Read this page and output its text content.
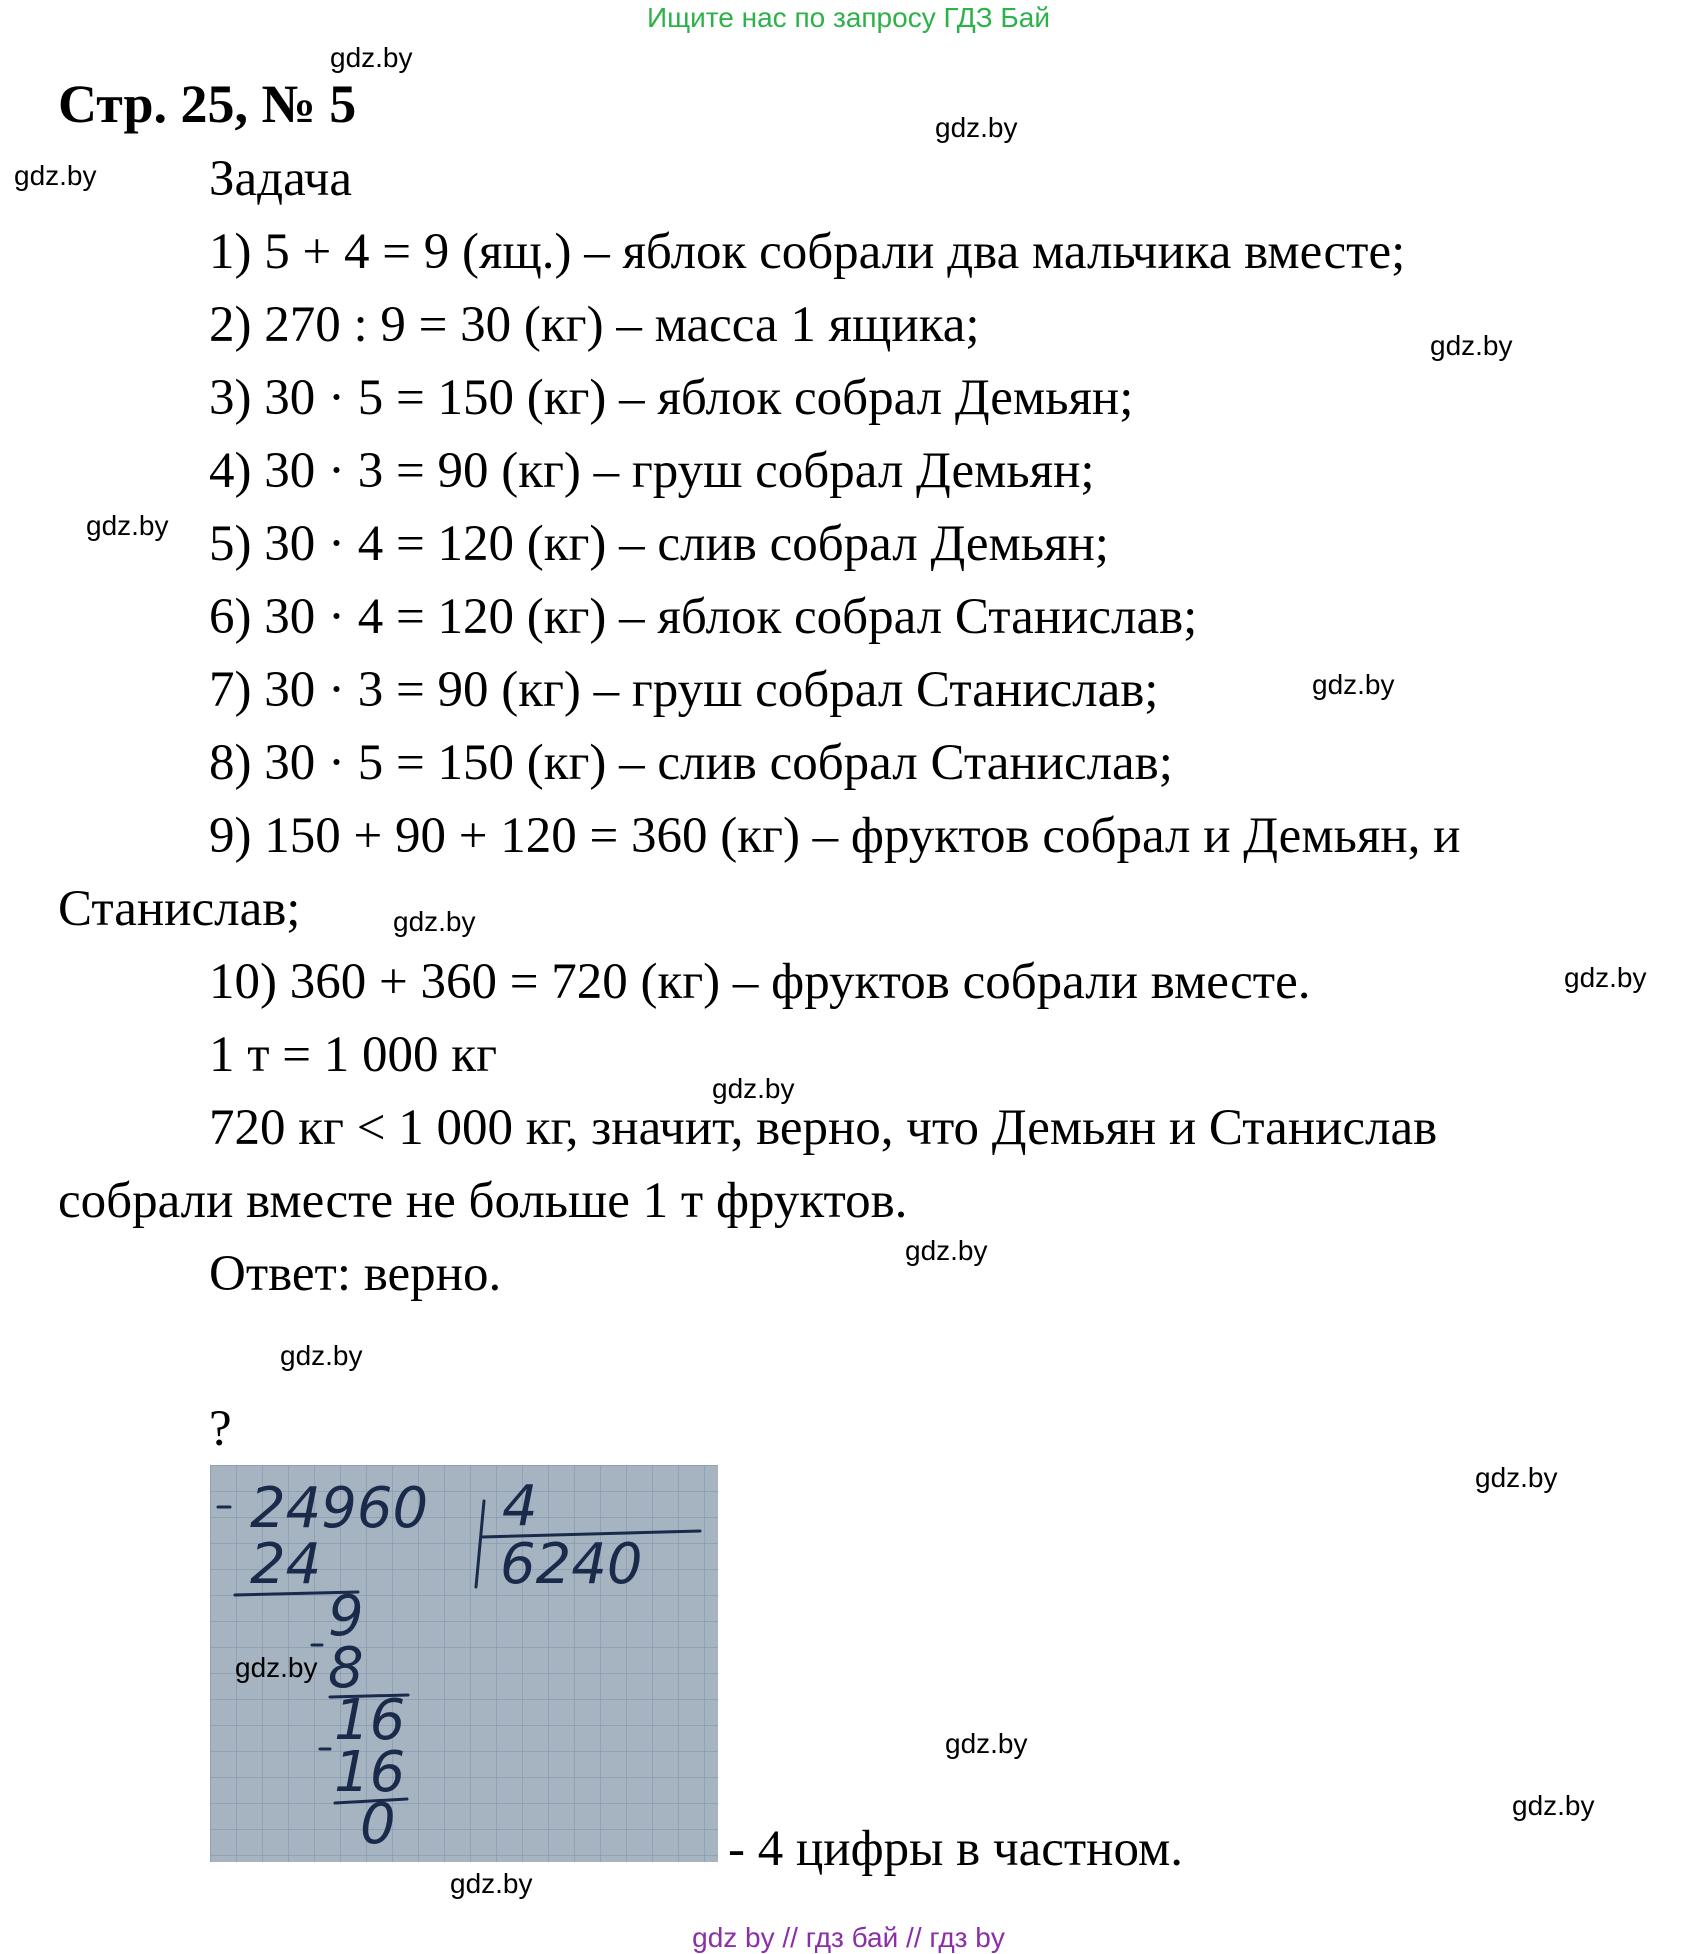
Ищите нас по запросу ГДЗ Бай
Стр. 25, № 5
Задача
1) 5 + 4 = 9 (ящ.) – яблок собрали два мальчика вместе;
2) 270 : 9 = 30 (кг) – масса 1 ящика;
3) 30 · 5 = 150 (кг) – яблок собрал Демьян;
4) 30 · 3 = 90 (кг) – груш собрал Демьян;
5) 30 · 4 = 120 (кг) – слив собрал Демьян;
6) 30 · 4 = 120 (кг) – яблок собрал Станислав;
7) 30 · 3 = 90 (кг) – груш собрал Станислав;
8) 30 · 5 = 150 (кг) – слив собрал Станислав;
9) 150 + 90 + 120 = 360 (кг) – фруктов собрал и Демьян, и
Станислав;
10) 360 + 360 = 720 (кг) – фруктов собрали вместе.
1 т = 1 000 кг
720 кг < 1 000 кг, значит, верно, что Демьян и Станислав
собрали вместе не больше 1 т фруктов.
Ответ: верно.
?
24960 4
6240
24
9
8
16
16
0	- 4 цифры в частном.
gdz.by
gdz.by
gdz.by
gdz.by
gdz.by
gdz.by
gdz.by
gdz.by
gdz.by
gdz.by
gdz.by
gdz.by
gdz.by
gdz.by
gdz.by
gdz.by
gdz by // гдз бай // гдз by
